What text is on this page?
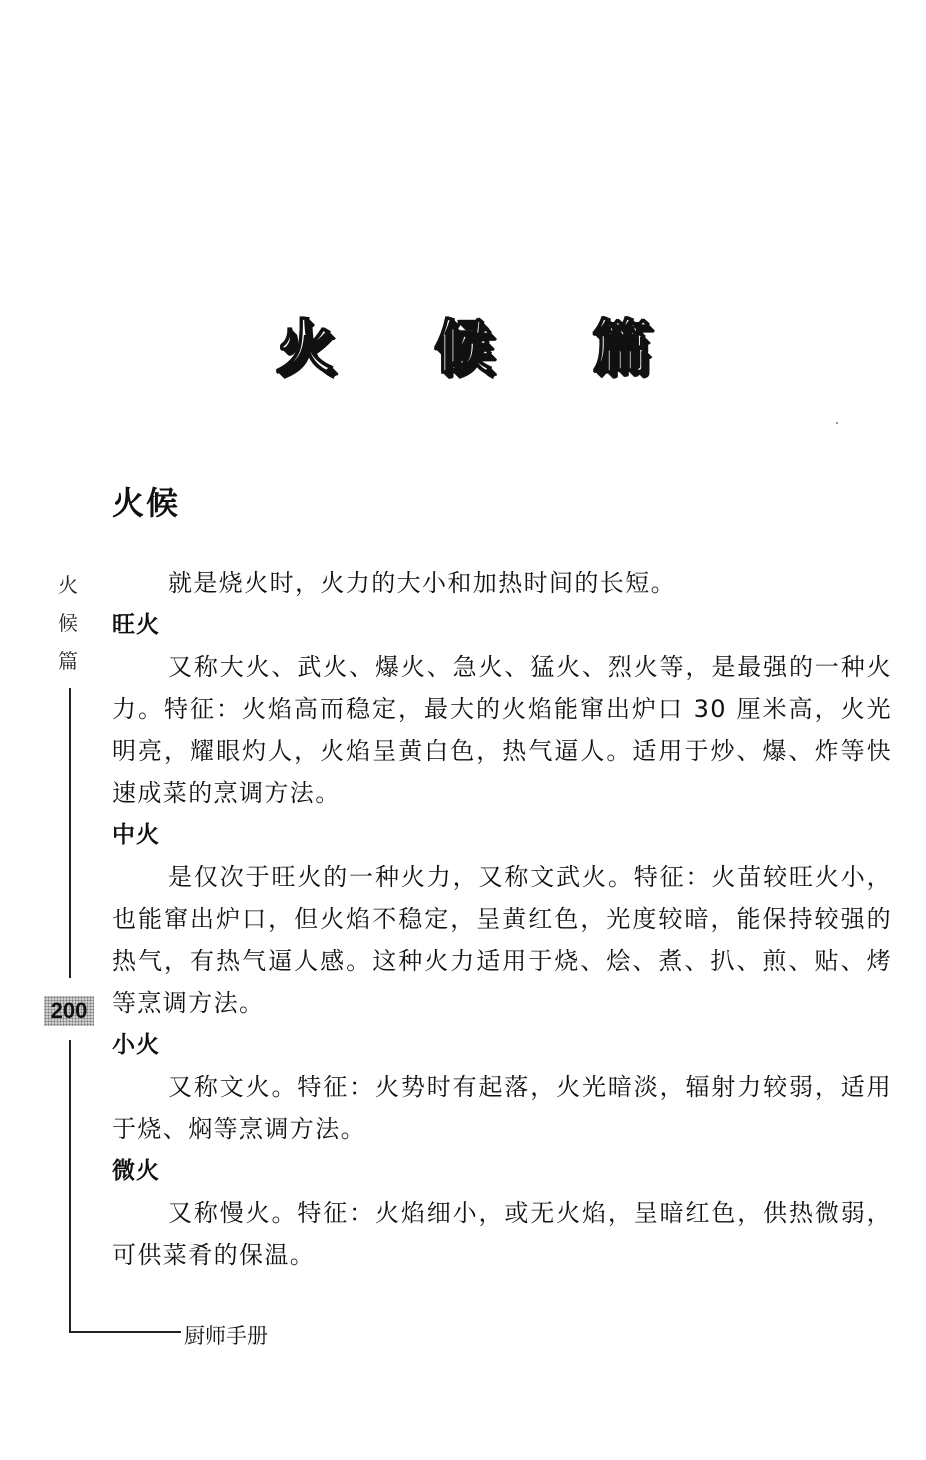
火 候 篇
火候
火
候
篇
200
厨师手册

就是烧火时，火力的大小和加热时间的长短。

旺火

又称大火、武火、爆火、急火、猛火、烈火等，是最强的一种火力。特征：火焰高而稳定，最大的火焰能窜出炉口 30 厘米高，火光明亮，耀眼灼人，火焰呈黄白色，热气逼人。适用于炒、爆、炸等快速成菜的烹调方法。

中火

是仅次于旺火的一种火力，又称文武火。特征：火苗较旺火小，也能窜出炉口，但火焰不稳定，呈黄红色，光度较暗，能保持较强的热气，有热气逼人感。这种火力适用于烧、烩、煮、扒、煎、贴、烤等烹调方法。

小火

又称文火。特征：火势时有起落，火光暗淡，辐射力较弱，适用于烧、焖等烹调方法。

微火

又称慢火。特征：火焰细小，或无火焰，呈暗红色，供热微弱，可供菜肴的保温。
